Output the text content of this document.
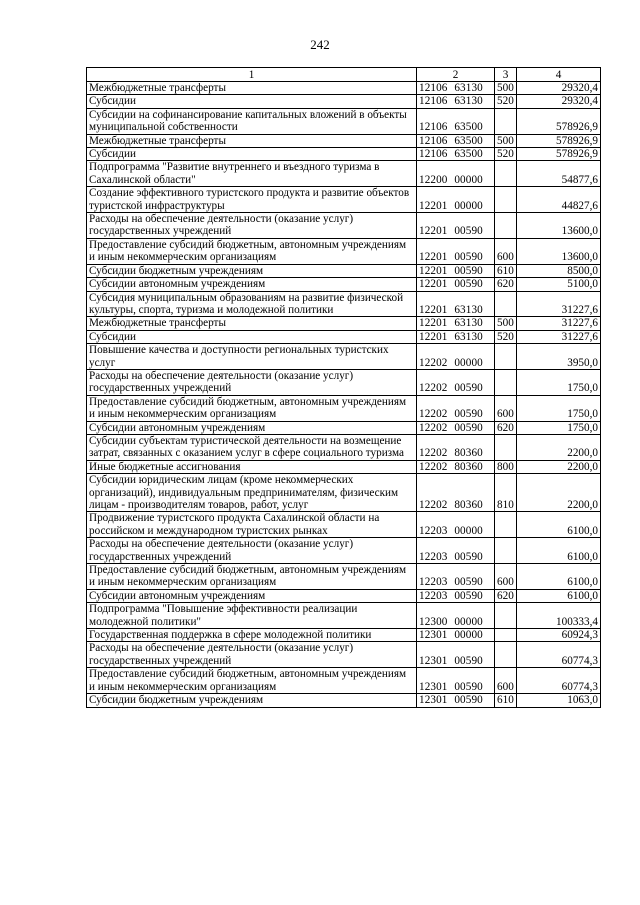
242
1	2	3	4
Межбюджетные трансферты	12106 63130	500	29320,4
Субсидии	12106 63130	520	29320,4
Субсидии на софинансирование капитальных вложений в объекты муниципальной собственности	12106 63500		578926,9
Межбюджетные трансферты	12106 63500	500	578926,9
Субсидии	12106 63500	520	578926,9
Подпрограмма "Развитие внутреннего и въездного туризма в Сахалинской области"	12200 00000		54877,6
Создание эффективного туристского продукта и развитие объектов туристской инфраструктуры	12201 00000		44827,6
Расходы на обеспечение деятельности (оказание услуг) государственных учреждений	12201 00590		13600,0
Предоставление субсидий бюджетным, автономным учреждениям и иным некоммерческим организациям	12201 00590	600	13600,0
Субсидии бюджетным учреждениям	12201 00590	610	8500,0
Субсидии автономным учреждениям	12201 00590	620	5100,0
Субсидия муниципальным образованиям на развитие физической культуры, спорта, туризма и молодежной политики	12201 63130		31227,6
Межбюджетные трансферты	12201 63130	500	31227,6
Субсидии	12201 63130	520	31227,6
Повышение качества и доступности региональных туристских услуг	12202 00000		3950,0
Расходы на обеспечение деятельности (оказание услуг) государственных учреждений	12202 00590		1750,0
Предоставление субсидий бюджетным, автономным учреждениям и иным некоммерческим организациям	12202 00590	600	1750,0
Субсидии автономным учреждениям	12202 00590	620	1750,0
Субсидии субъектам туристической деятельности на возмещение затрат, связанных с оказанием услуг в сфере социального туризма	12202 80360		2200,0
Иные бюджетные ассигнования	12202 80360	800	2200,0
Субсидии юридическим лицам (кроме некоммерческих организаций), индивидуальным предпринимателям, физическим лицам - производителям товаров, работ, услуг	12202 80360	810	2200,0
Продвижение туристского продукта Сахалинской области на российском и международном туристских рынках	12203 00000		6100,0
Расходы на обеспечение деятельности (оказание услуг) государственных учреждений	12203 00590		6100,0
Предоставление субсидий бюджетным, автономным учреждениям и иным некоммерческим организациям	12203 00590	600	6100,0
Субсидии автономным учреждениям	12203 00590	620	6100,0
Подпрограмма "Повышение эффективности реализации молодежной политики"	12300 00000		100333,4
Государственная поддержка в сфере молодежной политики	12301 00000		60924,3
Расходы на обеспечение деятельности (оказание услуг) государственных учреждений	12301 00590		60774,3
Предоставление субсидий бюджетным, автономным учреждениям и иным некоммерческим организациям	12301 00590	600	60774,3
Субсидии бюджетным учреждениям	12301 00590	610	1063,0
